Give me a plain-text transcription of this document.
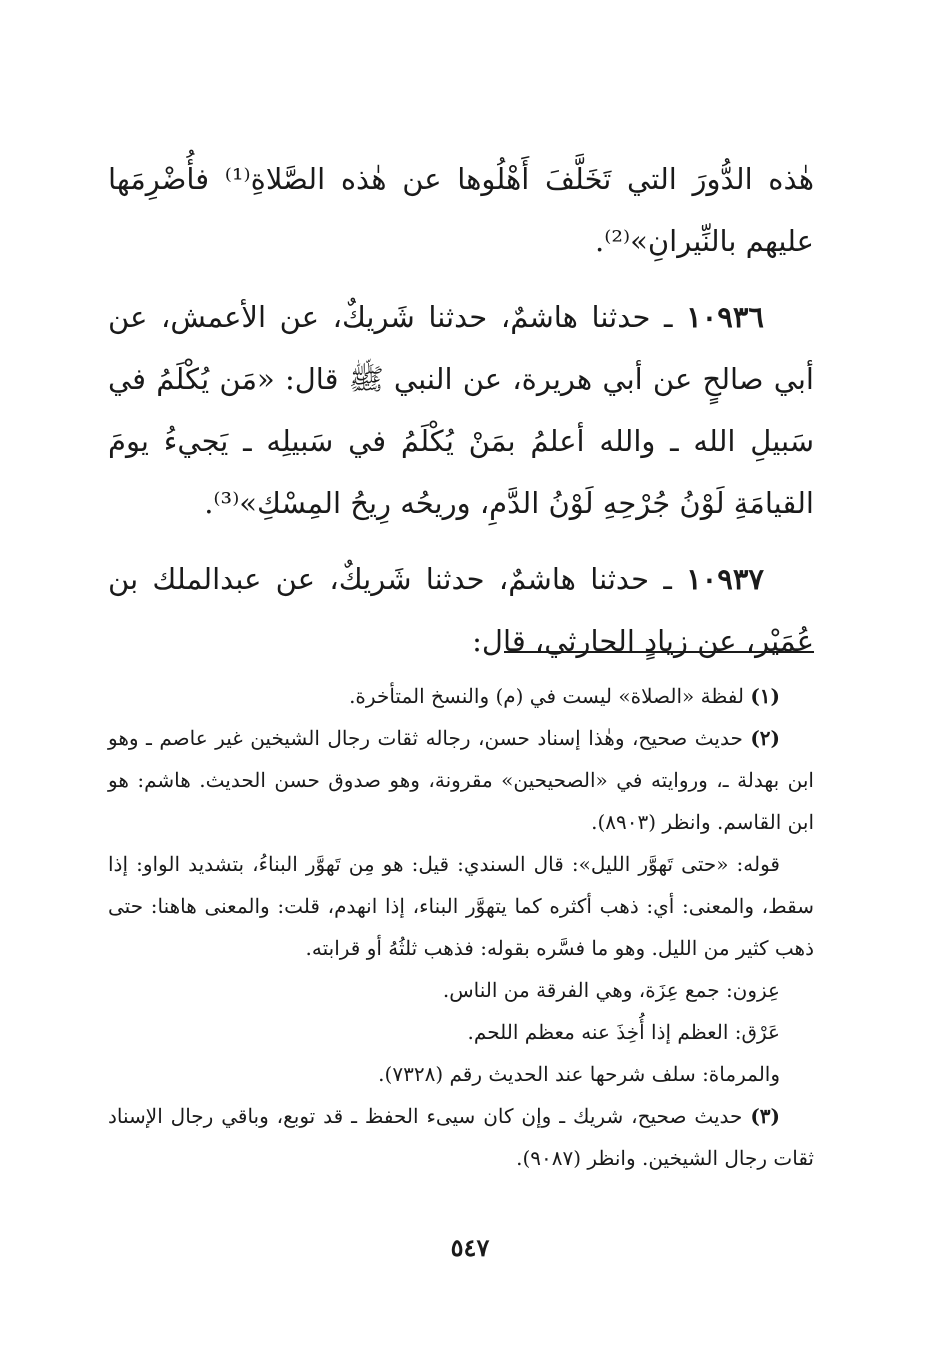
هٰذه الدُّورَ التي تَخَلَّفَ أَهْلُوها عن هٰذه الصَّلاةِ⁽¹⁾ فأُضْرِمَها عليهم بالنِّيرانِ»⁽²⁾.

١٠٩٣٦ ـ حدثنا هاشمٌ، حدثنا شَريكٌ، عن الأعمش، عن أبي صالحٍ عن أبي هريرة، عن النبي ﷺ قال: «مَن يُكْلَمُ في سَبيلِ الله ـ والله أعلمُ بمَنْ يُكْلَمُ في سَبيلِه ـ يَجيءُ يومَ القيامَةِ لَوْنُ جُرْحِهِ لَوْنُ الدَّمِ، وريحُه رِيحُ المِسْكِ»⁽³⁾.

١٠٩٣٧ ـ حدثنا هاشمٌ، حدثنا شَريكٌ، عن عبدالملك بن عُمَيْر، عن زيادٍ الحارثي، قال:

(١) لفظة «الصلاة» ليست في (م) والنسخ المتأخرة.

(٢) حديث صحيح، وهٰذا إسناد حسن، رجاله ثقات رجال الشيخين غير عاصم ـ وهو ابن بهدلة ـ، وروايته في «الصحيحين» مقرونة، وهو صدوق حسن الحديث. هاشم: هو ابن القاسم. وانظر (٨٩٠٣).

قوله: «حتى تَهوَّر الليل»: قال السندي: قيل: هو مِن تَهوَّر البناءُ، بتشديد الواو: إذا سقط، والمعنى: أي: ذهب أكثره كما يتهوَّر البناء، إذا انهدم، قلت: والمعنى هاهنا: حتى ذهب كثير من الليل. وهو ما فسَّره بقوله: فذهب ثلثُهُ أو قرابته.

عِزون: جمع عِزَة، وهي الفرقة من الناس.

عَرْق: العظم إذا أُخِذَ عنه معظم اللحم.

والمرماة: سلف شرحها عند الحديث رقم (٧٣٢٨).

(٣) حديث صحيح، شريك ـ وإن كان سيىء الحفظ ـ قد توبع، وباقي رجال الإسناد ثقات رجال الشيخين. وانظر (٩٠٨٧).

٥٤٧
